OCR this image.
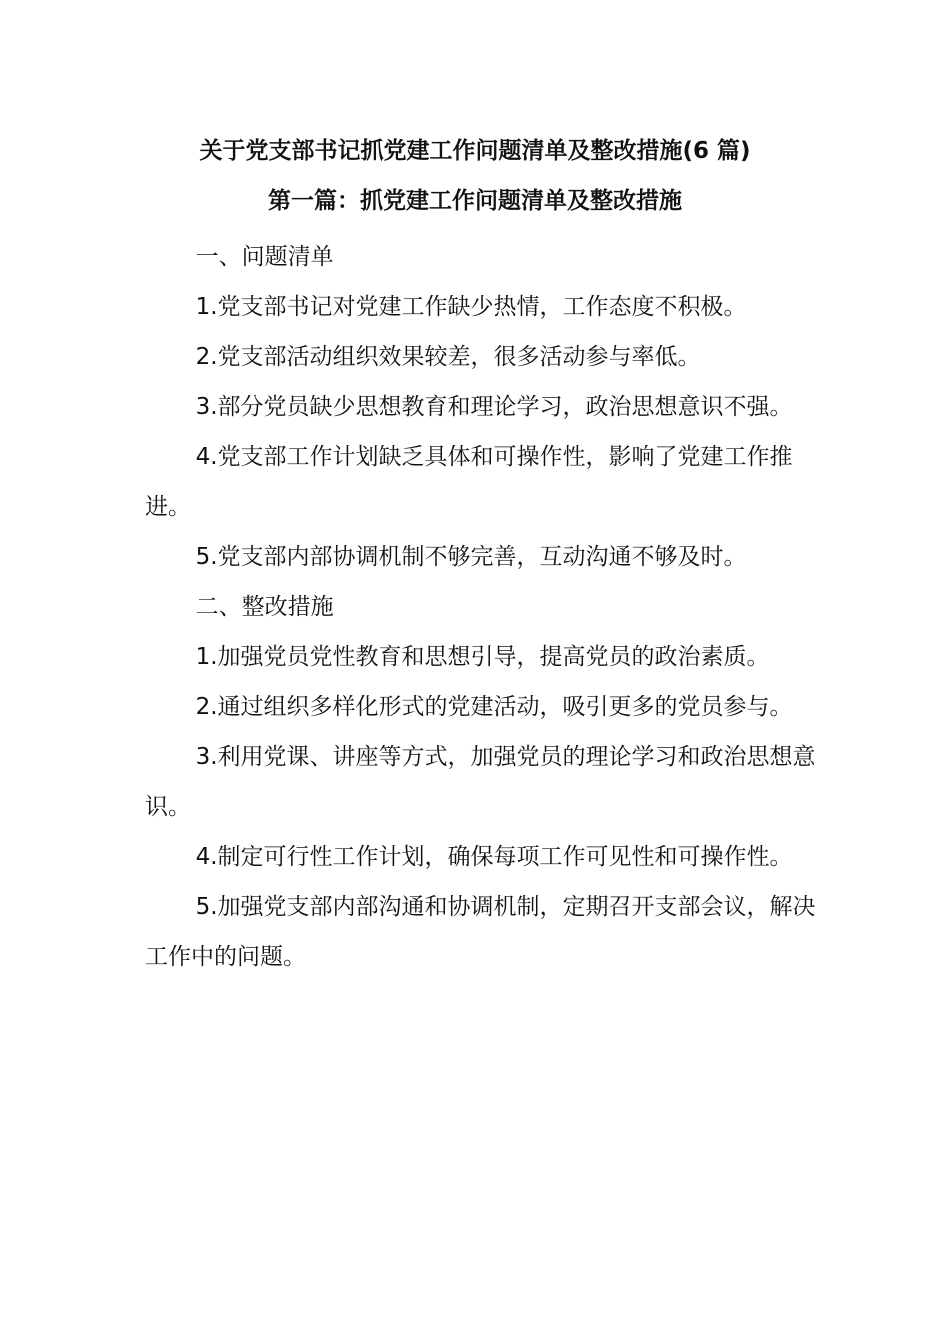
关于党支部书记抓党建工作问题清单及整改措施(6 篇)
第一篇：抓党建工作问题清单及整改措施

一、问题清单

1.党支部书记对党建工作缺少热情，工作态度不积极。

2.党支部活动组织效果较差，很多活动参与率低。

3.部分党员缺少思想教育和理论学习，政治思想意识不强。

4.党支部工作计划缺乏具体和可操作性，影响了党建工作推进。

5.党支部内部协调机制不够完善，互动沟通不够及时。

二、整改措施

1.加强党员党性教育和思想引导，提高党员的政治素质。

2.通过组织多样化形式的党建活动，吸引更多的党员参与。

3.利用党课、讲座等方式，加强党员的理论学习和政治思想意识。

4.制定可行性工作计划，确保每项工作可见性和可操作性。

5.加强党支部内部沟通和协调机制，定期召开支部会议，解决工作中的问题。
